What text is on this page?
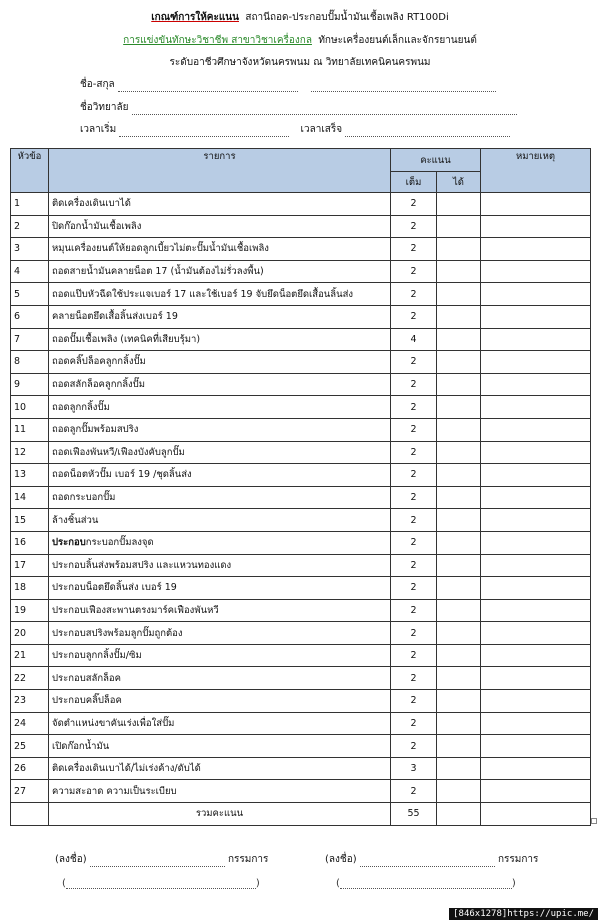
เกณฑ์การให้คะแนน สถานีถอด-ประกอบปั๊มน้ำมันเชื้อเพลิง RT100Di
การแข่งขันทักษะวิชาชีพ สาขาวิชาเครื่องกล ทักษะเครื่องยนต์เล็กและจักรยานยนต์
ระดับอาชีวศึกษาจังหวัดนครพนม ณ วิทยาลัยเทคนิคนครพนม
ชื่อ-สกุล
ชื่อวิทยาลัย
เวลาเริ่ม	เวลาเสร็จ
หัวข้อ	รายการ	คะแนน		หมายเหตุ
		เต็ม	ได้	
1	ติดเครื่องเดินเบาได้	2		
2	ปิดก๊อกน้ำมันเชื้อเพลิง	2		
3	หมุนเครื่องยนต์ให้ยอดลูกเบี้ยวไม่ตะปั๊มน้ำมันเชื้อเพลิง	2		
4	ถอดสายน้ำมันคลายน็อต 17 (น้ำมันต้องไม่รั่วลงพื้น)	2		
5	ถอดแป๊บหัวฉีดใช้ประแจเบอร์ 17 และใช้เบอร์ 19 จับยึดน็อตยึดเสื้อนลิ้นส่ง	2		
6	คลายน็อตยึดเสื้อลิ้นส่งเบอร์ 19	2		
7	ถอดปั๊มเชื้อเพลิง (เทคนิคที่เสียบรุ้มา)	4		
8	ถอดคลิ๊ปล็อคลูกกลิ้งปั๊ม	2		
9	ถอดสลักล็อคลูกกลิ้งปั๊ม	2		
10	ถอดลูกกลิ้งปั๊ม	2		
11	ถอดลูกปั๊มพร้อมสปริง	2		
12	ถอดเฟืองพันหวี/เฟืองบังคับลูกปั๊ม	2		
13	ถอดน็อตหัวปั๊ม เบอร์ 19 /ชุดลิ้นส่ง	2		
14	ถอดกระบอกปั๊ม	2		
15	ล้างชิ้นส่วน	2		
16	ประกอบกระบอกปั๊มลงจุด	2		
17	ประกอบลิ้นส่งพร้อมสปริง และแหวนทองแดง	2		
18	ประกอบน็อตยึดลิ้นส่ง เบอร์ 19	2		
19	ประกอบเฟืองสะพานตรงมาร์คเฟืองพันหวี	2		
20	ประกอบสปริงพร้อมลูกปั๊มถูกต้อง	2		
21	ประกอบลูกกลิ้งปั๊ม/ซิม	2		
22	ประกอบสลักล็อค	2		
23	ประกอบคลิ๊ปล็อค	2		
24	จัดตำแหน่งขาคันเร่งเพื่อใส่ปั๊ม	2		
25	เปิดก๊อกน้ำมัน	2		
26	ติดเครื่องเดินเบาได้/ไม่เร่งค้าง/ดับได้	3		
27	ความสะอาด ความเป็นระเบียบ	2		
	รวมคะแนน	55		
(ลงชื่อ)	กรรมการ	(ลงชื่อ)	กรรมการ
(	)	(	)
[846x1278]https://upic.me/
